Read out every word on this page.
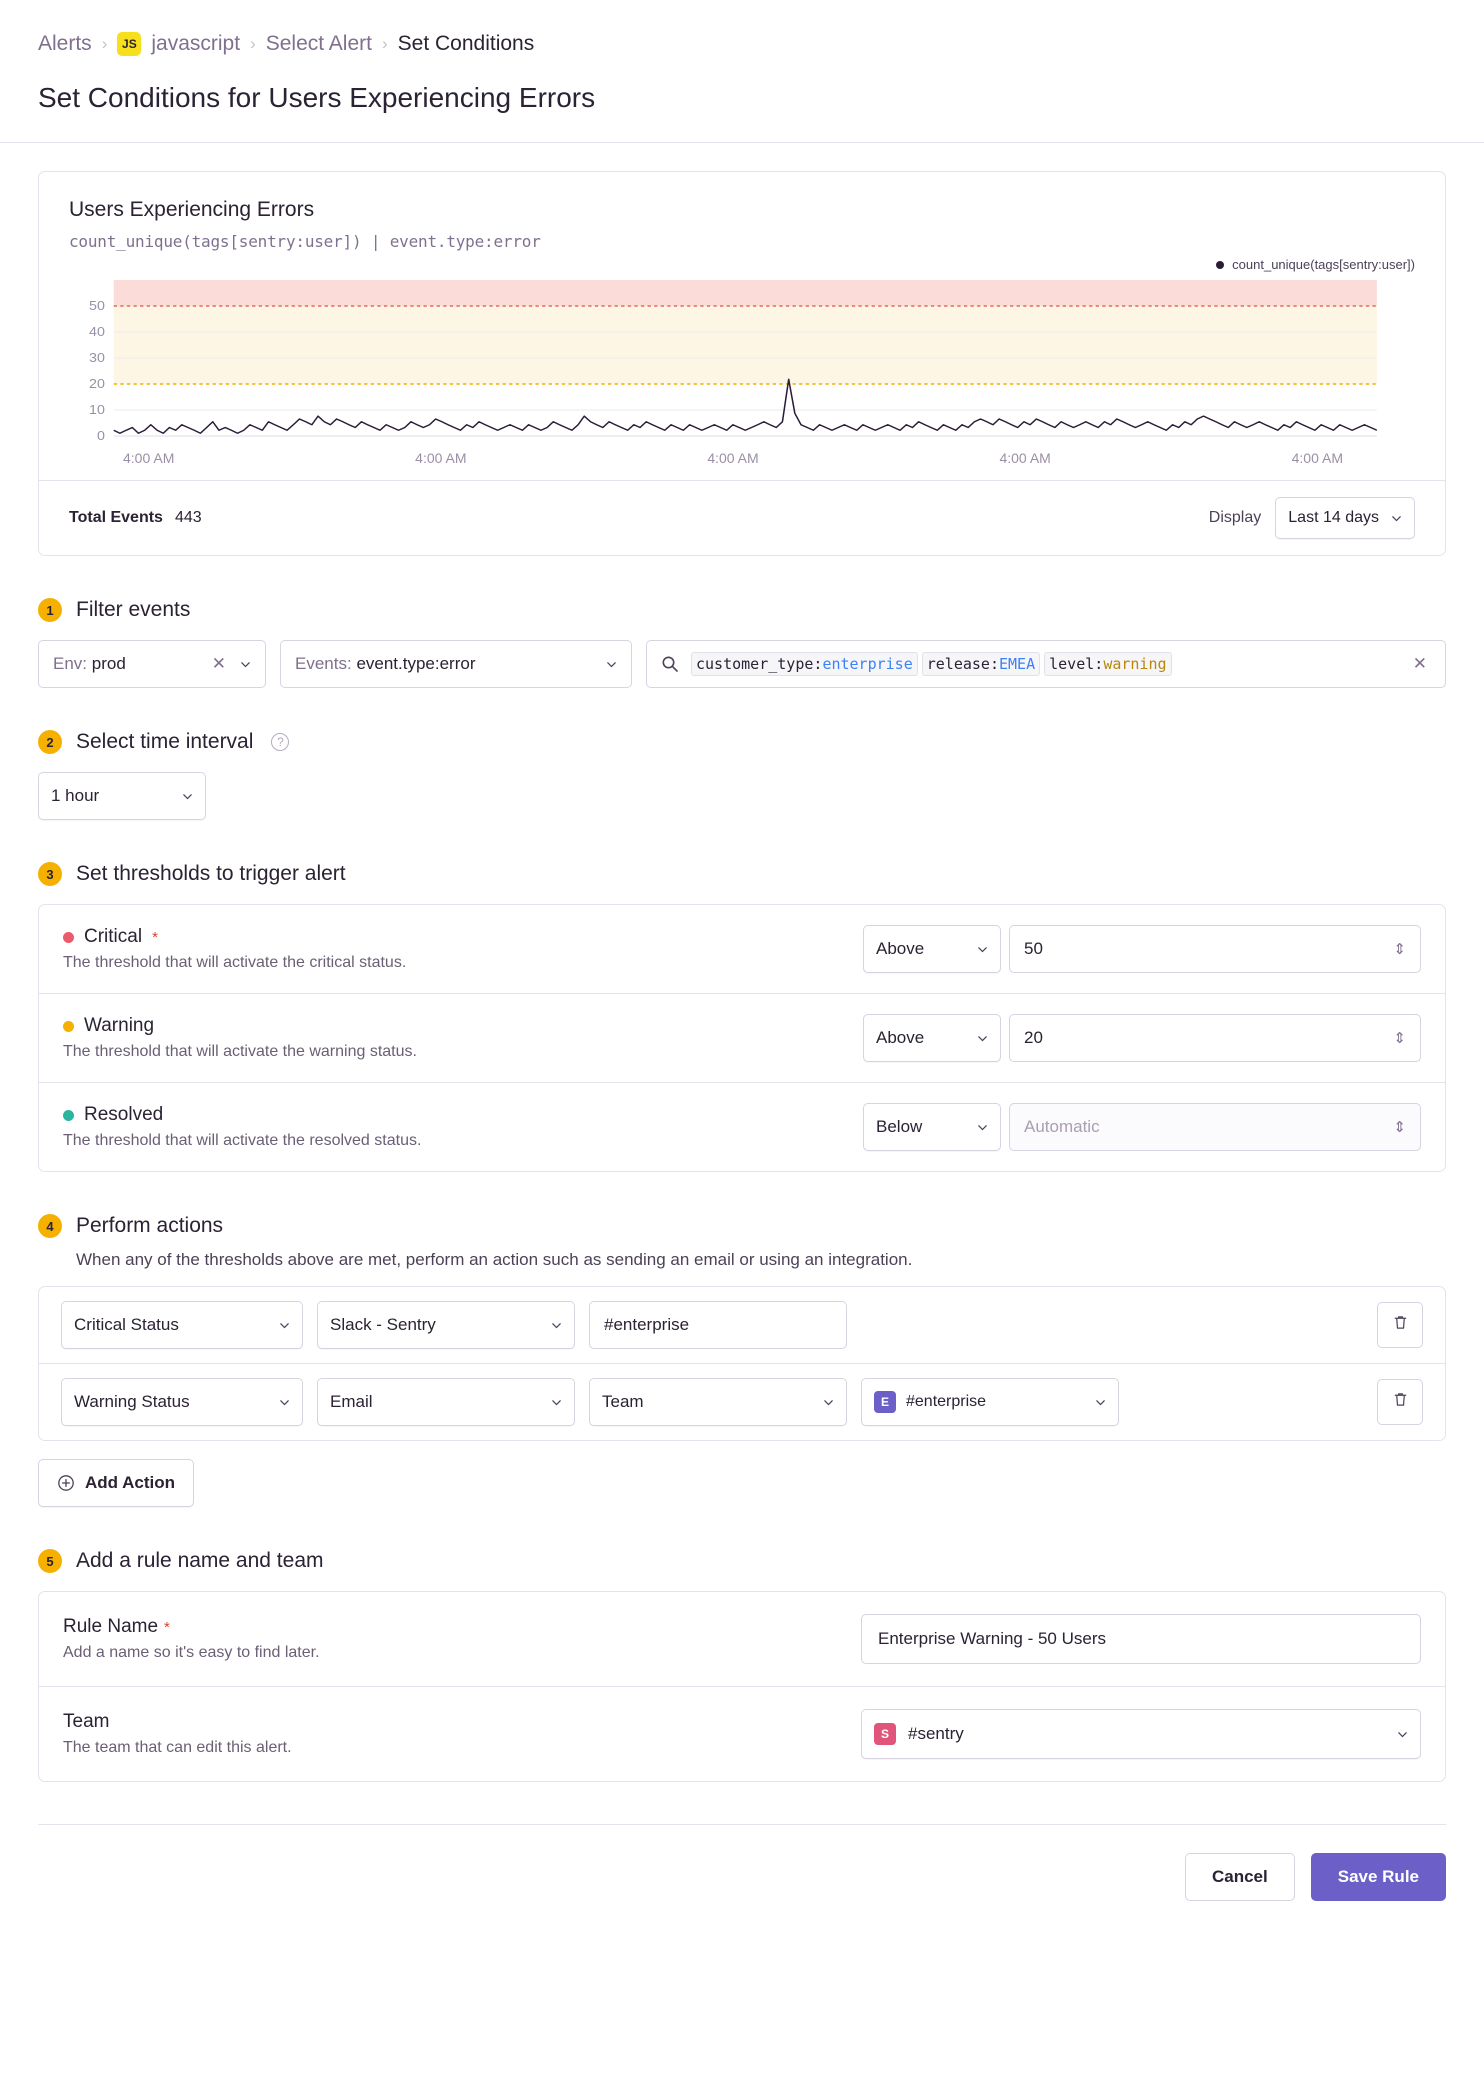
Alerts ›	JS javascript › Select Alert › Set Conditions
Set Conditions for Users Experiencing Errors
Users Experiencing Errors
count_unique(tags[sentry:user]) | event.type:error
count_unique(tags[sentry:user])
50
40
30
20
10
0
4:00 AM	4:00 AM	4:00 AM	4:00 AM	4:00 AM
Total Events 443	Display Last 14 days
1	Filter events
Env: prod	✕	Events: event.type:error	customer_type:enterprise release:EMEA level:warning	✕
2	Select time interval	?
1 hour
3	Set thresholds to trigger alert
Critical *
The threshold that will activate the critical status.
Above	50	⇕
Warning
The threshold that will activate the warning status.
Above	20	⇕
Resolved
The threshold that will activate the resolved status.
Below	Automatic	⇕
4	Perform actions
When any of the thresholds above are met, perform an action such as sending an email or using an integration.
Critical Status	Slack - Sentry	#enterprise
Warning Status	Email	Team	E	#enterprise
Add Action
5	Add a rule name and team
Rule Name *
Add a name so it's easy to find later.
Enterprise Warning - 50 Users
Team
The team that can edit this alert.
S	#sentry
Cancel	Save Rule
